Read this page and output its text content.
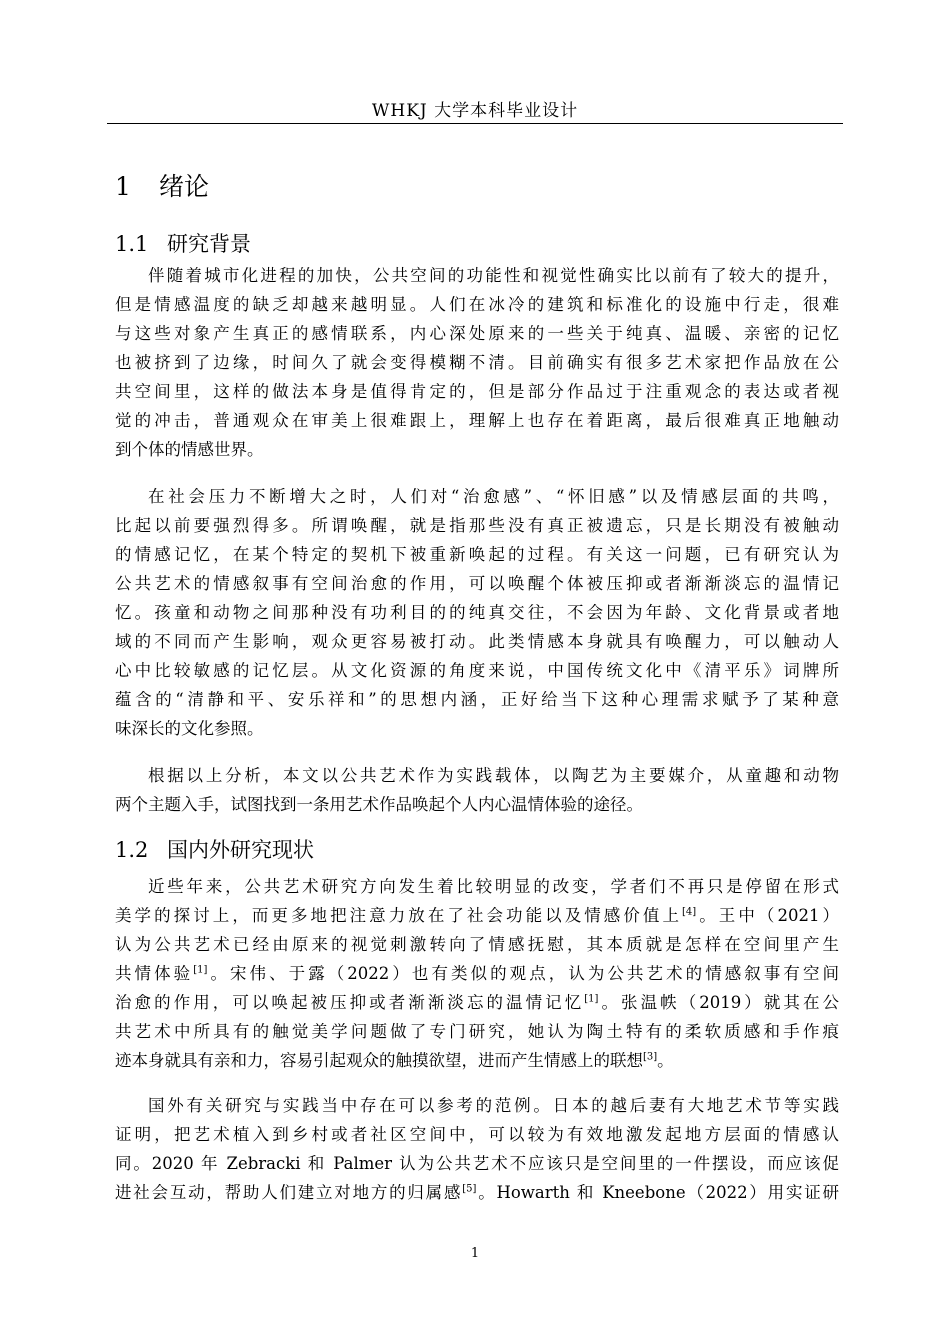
WHKJ 大学本科毕业设计
1 绪论
1.1 研究背景
伴随着城市化进程的加快，公共空间的功能性和视觉性确实比以前有了较大的提升，
但是情感温度的缺乏却越来越明显。人们在冰冷的建筑和标准化的设施中行走，很难
与这些对象产生真正的感情联系，内心深处原来的一些关于纯真、温暖、亲密的记忆
也被挤到了边缘，时间久了就会变得模糊不清。目前确实有很多艺术家把作品放在公
共空间里，这样的做法本身是值得肯定的，但是部分作品过于注重观念的表达或者视
觉的冲击，普通观众在审美上很难跟上，理解上也存在着距离，最后很难真正地触动
到个体的情感世界。
在社会压力不断增大之时，人们对“治愈感”、“怀旧感”以及情感层面的共鸣，
比起以前要强烈得多。所谓唤醒，就是指那些没有真正被遗忘，只是长期没有被触动
的情感记忆，在某个特定的契机下被重新唤起的过程。有关这一问题，已有研究认为
公共艺术的情感叙事有空间治愈的作用，可以唤醒个体被压抑或者渐渐淡忘的温情记
忆。孩童和动物之间那种没有功利目的的纯真交往，不会因为年龄、文化背景或者地
域的不同而产生影响，观众更容易被打动。此类情感本身就具有唤醒力，可以触动人
心中比较敏感的记忆层。从文化资源的角度来说，中国传统文化中《清平乐》词牌所
蕴含的“清静和平、安乐祥和”的思想内涵，正好给当下这种心理需求赋予了某种意
味深长的文化参照。
根据以上分析，本文以公共艺术作为实践载体，以陶艺为主要媒介，从童趣和动物
两个主题入手，试图找到一条用艺术作品唤起个人内心温情体验的途径。
1.2 国内外研究现状
近些年来，公共艺术研究方向发生着比较明显的改变，学者们不再只是停留在形式
美学的探讨上，而更多地把注意力放在了社会功能以及情感价值上[4]。王中（2021）
认为公共艺术已经由原来的视觉刺激转向了情感抚慰，其本质就是怎样在空间里产生
共情体验[1]。宋伟、于露（2022）也有类似的观点，认为公共艺术的情感叙事有空间
治愈的作用，可以唤起被压抑或者渐渐淡忘的温情记忆[1]。张温帙（2019）就其在公
共艺术中所具有的触觉美学问题做了专门研究，她认为陶土特有的柔软质感和手作痕
迹本身就具有亲和力，容易引起观众的触摸欲望，进而产生情感上的联想[3]。
国外有关研究与实践当中存在可以参考的范例。日本的越后妻有大地艺术节等实践
证明，把艺术植入到乡村或者社区空间中，可以较为有效地激发起地方层面的情感认
同。2020 年 Zebracki 和 Palmer 认为公共艺术不应该只是空间里的一件摆设，而应该促
进社会互动，帮助人们建立对地方的归属感[5]。Howarth 和 Kneebone（2022）用实证研
1
